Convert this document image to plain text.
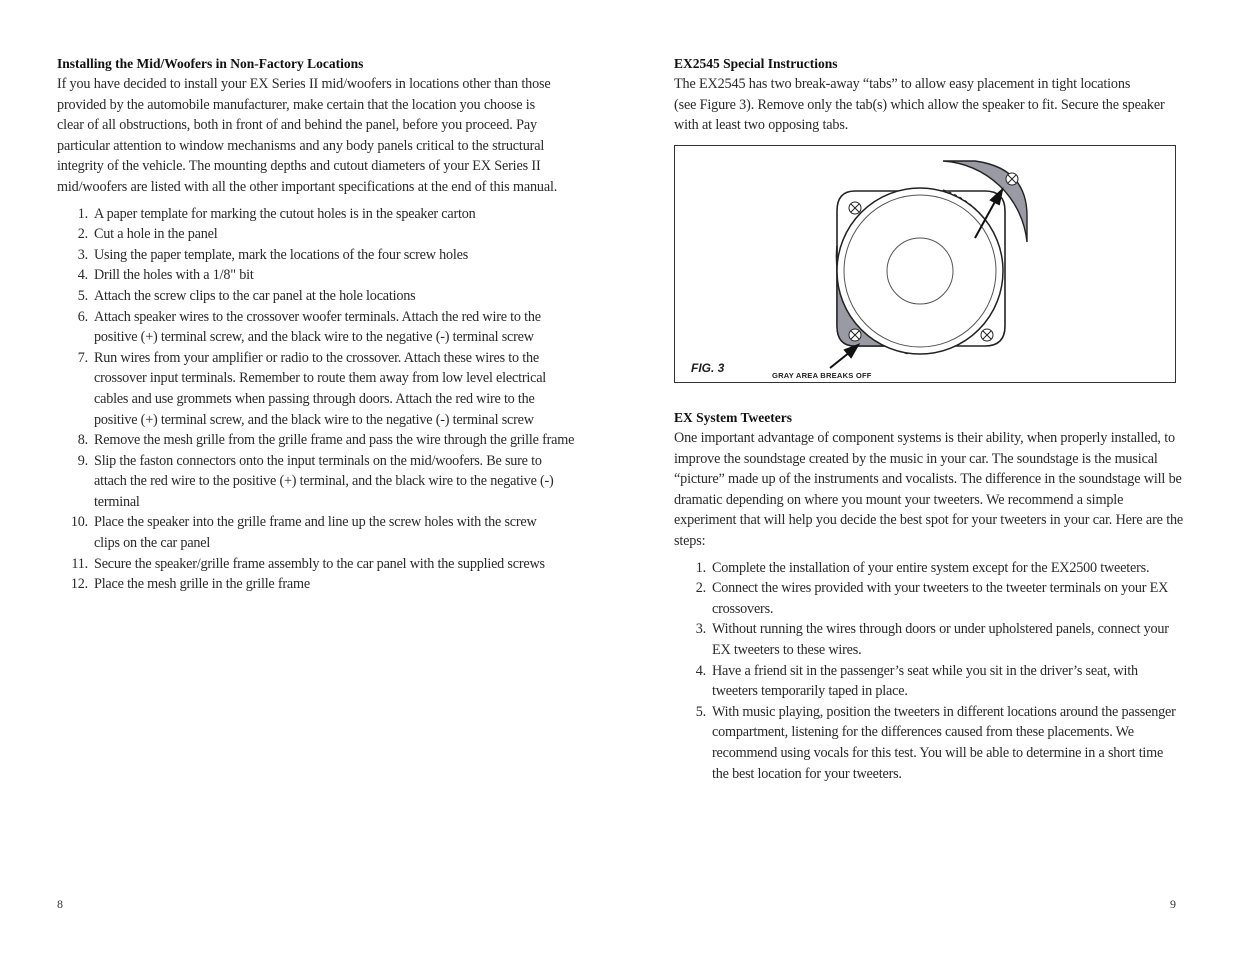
Installing the Mid/Woofers in Non-Factory Locations

If you have decided to install your EX Series II mid/woofers in locations other than those provided by the automobile manufacturer, make certain that the location you choose is clear of all obstructions, both in front of and behind the panel, before you proceed. Pay particular attention to window mechanisms and any body panels critical to the structural integrity of the vehicle. The mounting depths and cutout diameters of your EX Series II mid/woofers are listed with all the other important specifications at the end of this manual.

1. A paper template for marking the cutout holes is in the speaker carton
2. Cut a hole in the panel
3. Using the paper template, mark the locations of the four screw holes
4. Drill the holes with a 1/8" bit
5. Attach the screw clips to the car panel at the hole locations
6. Attach speaker wires to the crossover woofer terminals. Attach the red wire to the positive (+) terminal screw, and the black wire to the negative (-) terminal screw
7. Run wires from your amplifier or radio to the crossover. Attach these wires to the crossover input terminals. Remember to route them away from low level electrical cables and use grommets when passing through doors. Attach the red wire to the positive (+) terminal screw, and the black wire to the negative (-) terminal screw
8. Remove the mesh grille from the grille frame and pass the wire through the grille frame
9. Slip the faston connectors onto the input terminals on the mid/woofers. Be sure to attach the red wire to the positive (+) terminal, and the black wire to the negative (-) terminal
10. Place the speaker into the grille frame and line up the screw holes with the screw clips on the car panel
11. Secure the speaker/grille frame assembly to the car panel with the supplied screws
12. Place the mesh grille in the grille frame
8
EX2545 Special Instructions

The EX2545 has two break-away “tabs” to allow easy placement in tight locations

(see Figure 3). Remove only the tab(s) which allow the speaker to fit. Secure the speaker with at least two opposing tabs.

FIG. 3
GRAY AREA BREAKS OFF
EX System Tweeters

One important advantage of component systems is their ability, when properly installed, to improve the soundstage created by the music in your car. The soundstage is the musical “picture” made up of the instruments and vocalists. The difference in the soundstage will be dramatic depending on where you mount your tweeters. We recommend a simple experiment that will help you decide the best spot for your tweeters in your car. Here are the steps:

1. Complete the installation of your entire system except for the EX2500 tweeters.
2. Connect the wires provided with your tweeters to the tweeter terminals on your EX crossovers.
3. Without running the wires through doors or under upholstered panels, connect your EX tweeters to these wires.
4. Have a friend sit in the passenger’s seat while you sit in the driver’s seat, with tweeters temporarily taped in place.
5. With music playing, position the tweeters in different locations around the passenger compartment, listening for the differences caused from these placements. We recommend using vocals for this test. You will be able to determine in a short time the best location for your tweeters.
9
